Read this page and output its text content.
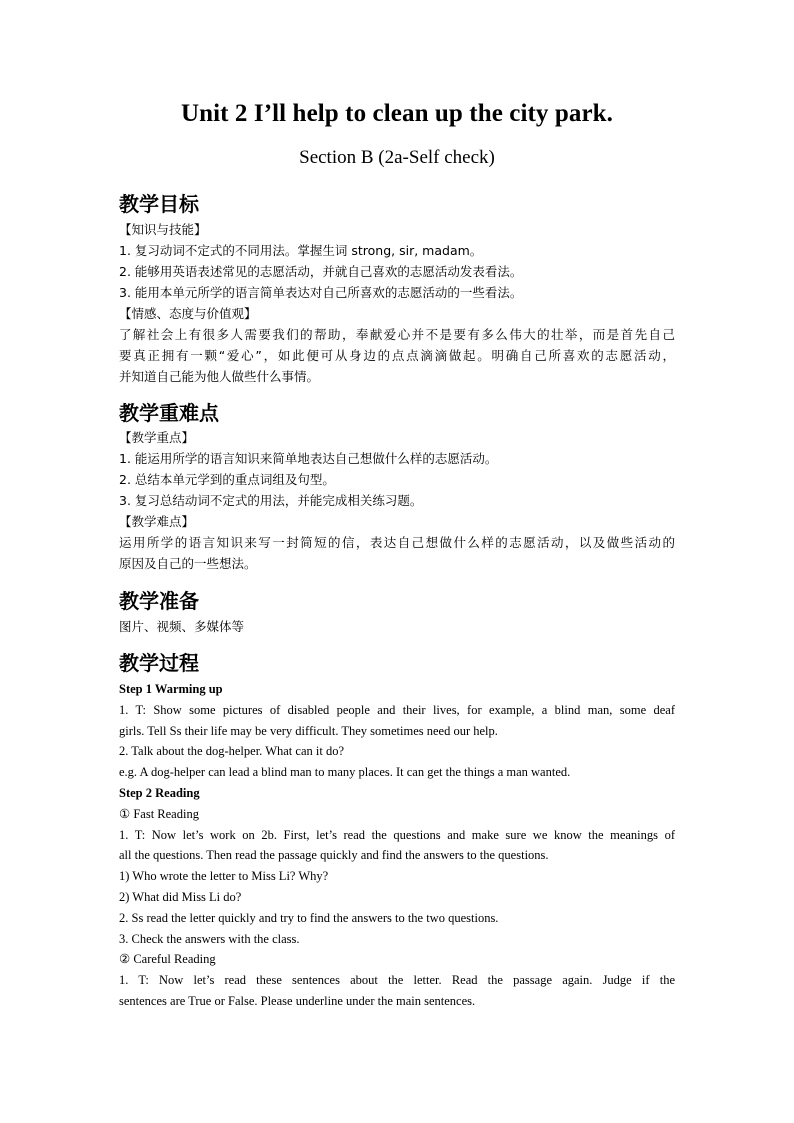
Unit 2 I’ll help to clean up the city park.
Section B (2a-Self check)
教学目标
【知识与技能】
1. 复习动词不定式的不同用法。掌握生词 strong, sir, madam。
2. 能够用英语表述常见的志愿活动，并就自己喜欢的志愿活动发表看法。
3. 能用本单元所学的语言简单表达对自己所喜欢的志愿活动的一些看法。
【情感、态度与价值观】
了解社会上有很多人需要我们的帮助，奉献爱心并不是要有多么伟大的壮举，而是首先自己
要真正拥有一颗“爱心”，如此便可从身边的点点滴滴做起。明确自己所喜欢的志愿活动，
并知道自己能为他人做些什么事情。
教学重难点
【教学重点】
1. 能运用所学的语言知识来简单地表达自己想做什么样的志愿活动。
2. 总结本单元学到的重点词组及句型。
3. 复习总结动词不定式的用法，并能完成相关练习题。
【教学难点】
运用所学的语言知识来写一封简短的信，表达自己想做什么样的志愿活动，以及做些活动的
原因及自己的一些想法。
教学准备
图片、视频、多媒体等
教学过程
Step 1 Warming up
1. T: Show some pictures of disabled people and their lives, for example, a blind man, some deaf
girls. Tell Ss their life may be very difficult. They sometimes need our help.
2. Talk about the dog-helper. What can it do?
e.g. A dog-helper can lead a blind man to many places. It can get the things a man wanted.
Step 2 Reading
① Fast Reading
1. T: Now let’s work on 2b. First, let’s read the questions and make sure we know the meanings of
all the questions. Then read the passage quickly and find the answers to the questions.
1) Who wrote the letter to Miss Li? Why?
2) What did Miss Li do?
2. Ss read the letter quickly and try to find the answers to the two questions.
3. Check the answers with the class.
② Careful Reading
1. T: Now let’s read these sentences about the letter. Read the passage again. Judge if the
sentences are True or False. Please underline under the main sentences.
